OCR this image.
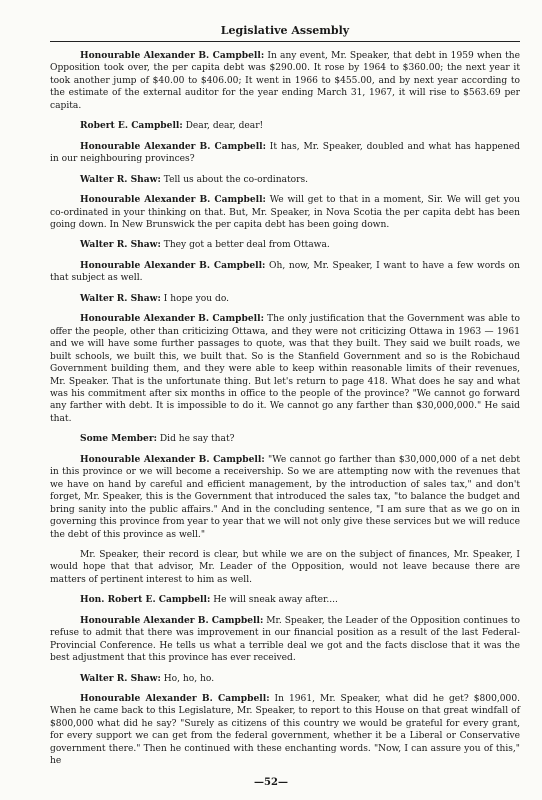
Legislative Assembly

Honourable Alexander B. Campbell: In any event, Mr. Speaker, that debt in 1959 when the Opposition took over, the per capita debt was $290.00. It rose by 1964 to $360.00; the next year it took another jump of $40.00 to $406.00; It went in 1966 to $455.00, and by next year according to the estimate of the external auditor for the year ending March 31, 1967, it will rise to $563.69 per capita.

Robert E. Campbell: Dear, dear, dear!

Honourable Alexander B. Campbell: It has, Mr. Speaker, doubled and what has happened in our neighbouring provinces?

Walter R. Shaw: Tell us about the co-ordinators.

Honourable Alexander B. Campbell: We will get to that in a moment, Sir. We will get you co-ordinated in your thinking on that. But, Mr. Speaker, in Nova Scotia the per capita debt has been going down. In New Brunswick the per capita debt has been going down.

Walter R. Shaw: They got a better deal from Ottawa.

Honourable Alexander B. Campbell: Oh, now, Mr. Speaker, I want to have a few words on that subject as well.

Walter R. Shaw: I hope you do.

Honourable Alexander B. Campbell: The only justification that the Government was able to offer the people, other than criticizing Ottawa, and they were not criticizing Ottawa in 1963 — 1961 and we will have some further passages to quote, was that they built. They said we built roads, we built schools, we built this, we built that. So is the Stanfield Government and so is the Robichaud Government building them, and they were able to keep within reasonable limits of their revenues, Mr. Speaker. That is the unfortunate thing. But let's return to page 418. What does he say and what was his commitment after six months in office to the people of the province? "We cannot go forward any farther with debt. It is impossible to do it. We cannot go any farther than $30,000,000." He said that.

Some Member: Did he say that?

Honourable Alexander B. Campbell: "We cannot go farther than $30,000,000 of a net debt in this province or we will become a receivership. So we are attempting now with the revenues that we have on hand by careful and efficient management, by the introduction of sales tax," and don't forget, Mr. Speaker, this is the Government that introduced the sales tax, "to balance the budget and bring sanity into the public affairs." And in the concluding sentence, "I am sure that as we go on in governing this province from year to year that we will not only give these services but we will reduce the debt of this province as well."

Mr. Speaker, their record is clear, but while we are on the subject of finances, Mr. Speaker, I would hope that that advisor, Mr. Leader of the Opposition, would not leave because there are matters of pertinent interest to him as well.

Hon. Robert E. Campbell: He will sneak away after....

Honourable Alexander B. Campbell: Mr. Speaker, the Leader of the Opposition continues to refuse to admit that there was improvement in our financial position as a result of the last Federal-Provincial Conference. He tells us what a terrible deal we got and the facts disclose that it was the best adjustment that this province has ever received.

Walter R. Shaw: Ho, ho, ho.

Honourable Alexander B. Campbell: In 1961, Mr. Speaker, what did he get? $800,000. When he came back to this Legislature, Mr. Speaker, to report to this House on that great windfall of $800,000 what did he say? "Surely as citizens of this country we would be grateful for every grant, for every support we can get from the federal government, whether it be a Liberal or Conservative government there." Then he continued with these enchanting words. "Now, I can assure you of this," he

—52—
